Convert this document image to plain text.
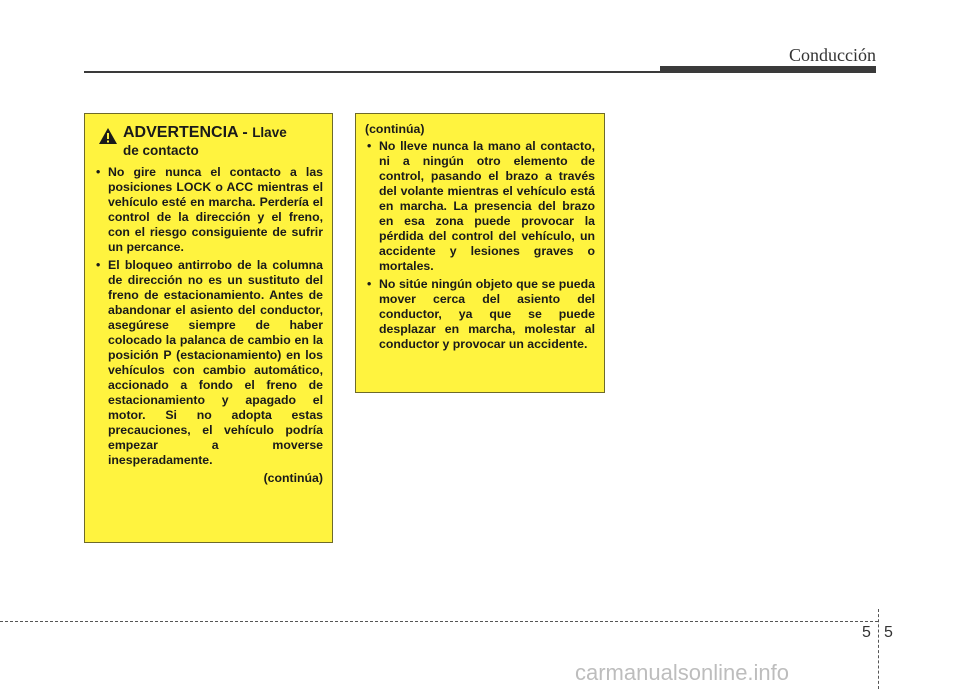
Conducción
ADVERTENCIA - Llave
de contacto
• No gire nunca el contacto a las posiciones LOCK o ACC mientras el vehículo esté en marcha. Perdería el control de la dirección y el freno, con el riesgo consiguiente de sufrir un percance.
• El bloqueo antirrobo de la columna de dirección no es un sustituto del freno de estacionamiento. Antes de abandonar el asiento del conductor, asegúrese siempre de haber colocado la palanca de cambio en la posición P (estacionamiento) en los vehículos con cambio automático, accionado a fondo el freno de estacionamiento y apagado el motor. Si no adopta estas precauciones, el vehículo podría empezar a moverse inesperadamente.
(continúa)
(continúa)
• No lleve nunca la mano al contacto, ni a ningún otro elemento de control, pasando el brazo a través del volante mientras el vehículo está en marcha. La presencia del brazo en esa zona puede provocar la pérdida del control del vehículo, un accidente y lesiones graves o mortales.
• No sitúe ningún objeto que se pueda mover cerca del asiento del conductor, ya que se puede desplazar en marcha, molestar al conductor y provocar un accidente.
5 5
carmanualsonline.info
